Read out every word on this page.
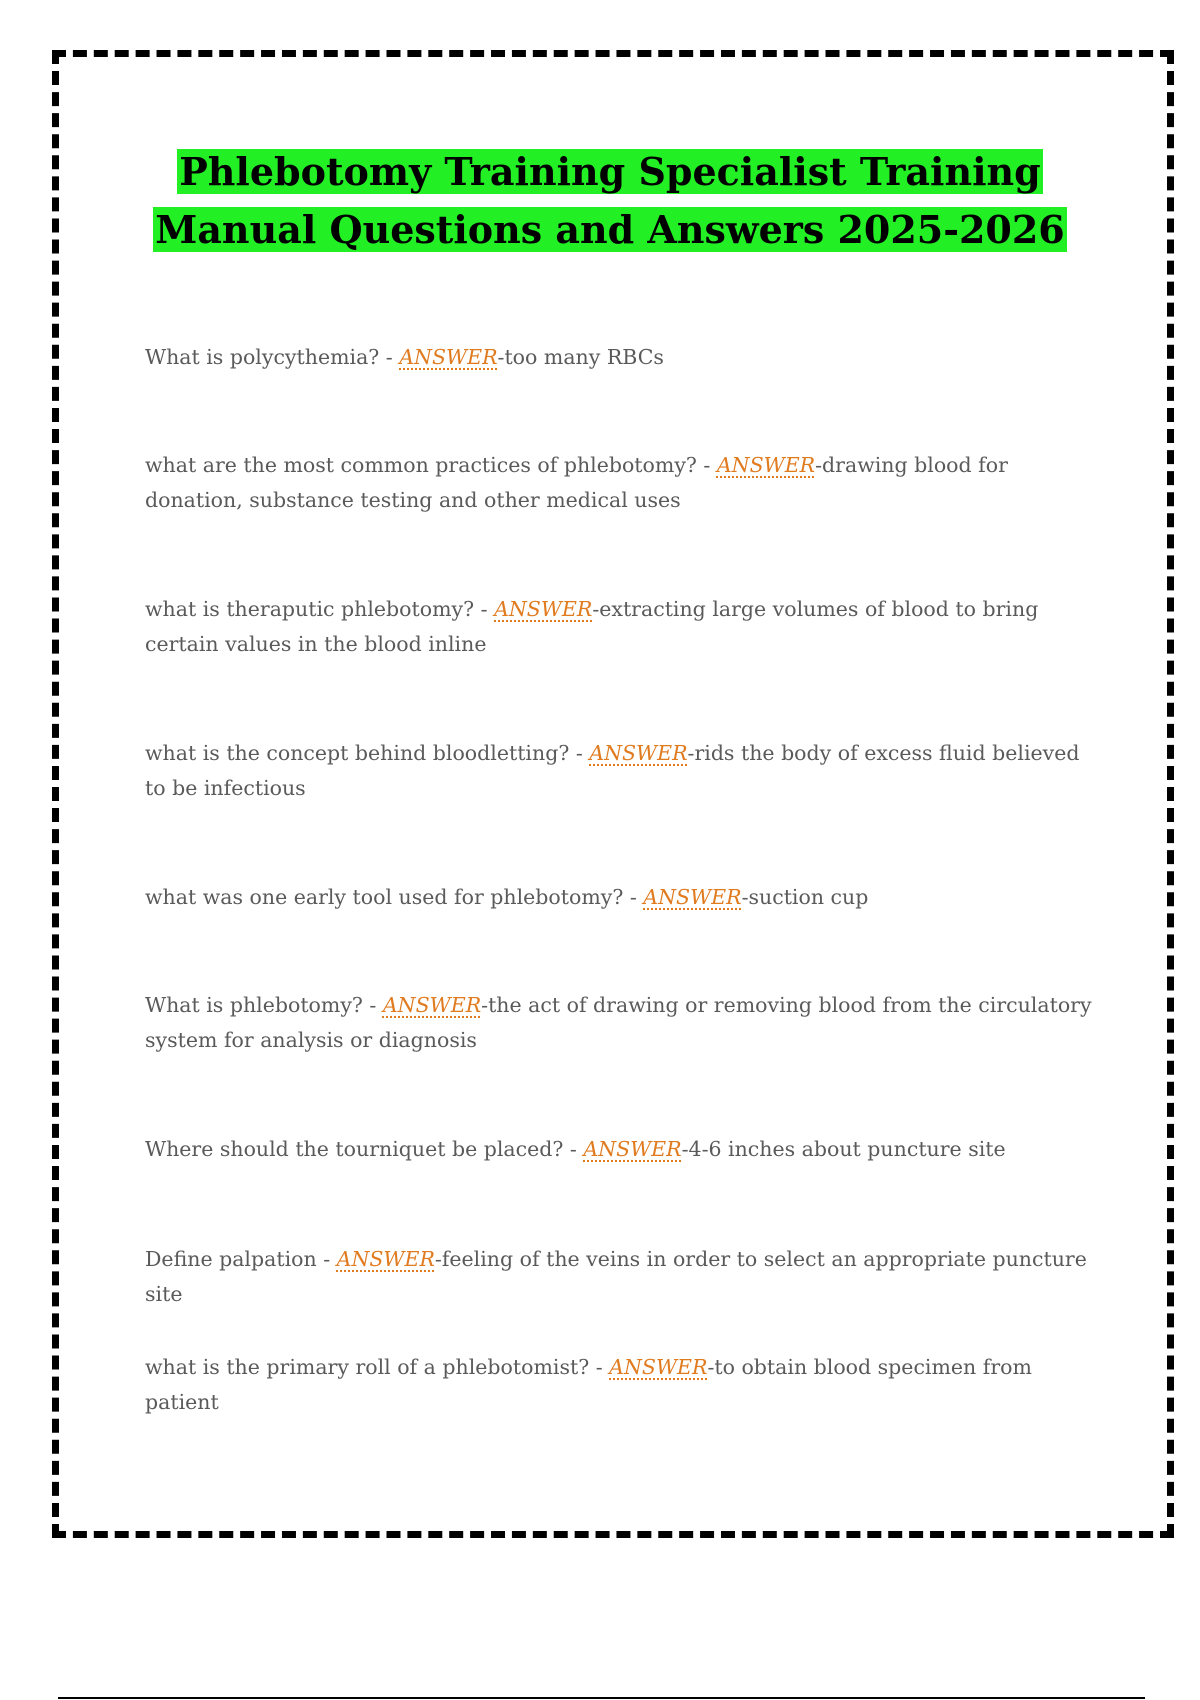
Phlebotomy Training Specialist Training
Manual Questions and Answers 2025-2026
What is polycythemia? - ANSWER-too many RBCs
what are the most common practices of phlebotomy? - ANSWER-drawing blood for donation, substance testing and other medical uses
what is theraputic phlebotomy? - ANSWER-extracting large volumes of blood to bring certain values in the blood inline
what is the concept behind bloodletting? - ANSWER-rids the body of excess fluid believed to be infectious
what was one early tool used for phlebotomy? - ANSWER-suction cup
What is phlebotomy? - ANSWER-the act of drawing or removing blood from the circulatory system for analysis or diagnosis
Where should the tourniquet be placed? - ANSWER-4-6 inches about puncture site
Define palpation - ANSWER-feeling of the veins in order to select an appropriate puncture site
what is the primary roll of a phlebotomist? - ANSWER-to obtain blood specimen from patient
